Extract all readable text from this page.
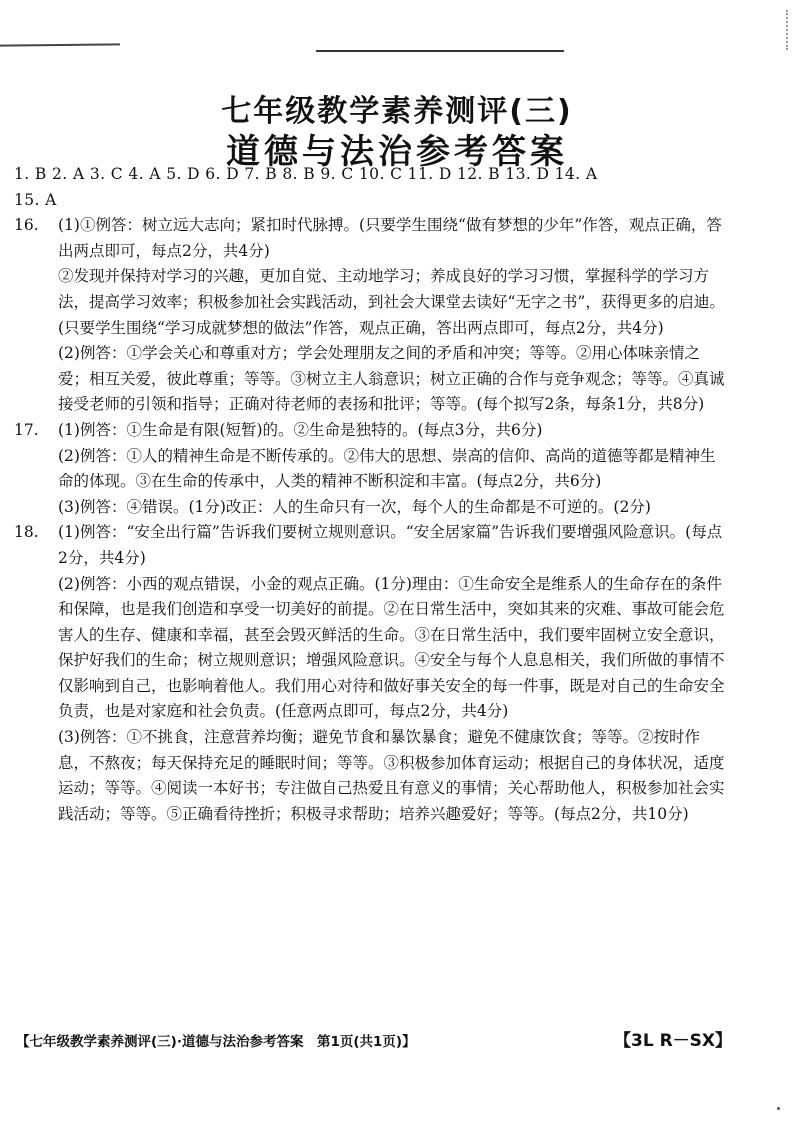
七年级教学素养测评(三)
道德与法治参考答案

1. B 2. A 3. C 4. A 5. D 6. D 7. B 8. B 9. C 10. C 11. D 12. B 13. D 14. A

15. A

16. (1)①例答：树立远大志向；紧扣时代脉搏。(只要学生围绕“做有梦想的少年”作答，观点正确，答出两点即可，每点2分，共4分)

②发现并保持对学习的兴趣，更加自觉、主动地学习；养成良好的学习习惯，掌握科学的学习方法，提高学习效率；积极参加社会实践活动，到社会大课堂去读好“无字之书”，获得更多的启迪。(只要学生围绕“学习成就梦想的做法”作答，观点正确，答出两点即可，每点2分，共4分)

(2)例答：①学会关心和尊重对方；学会处理朋友之间的矛盾和冲突；等等。②用心体味亲情之爱；相互关爱，彼此尊重；等等。③树立主人翁意识；树立正确的合作与竞争观念；等等。④真诚接受老师的引领和指导；正确对待老师的表扬和批评；等等。(每个拟写2条，每条1分，共8分)

17. (1)例答：①生命是有限(短暂)的。②生命是独特的。(每点3分，共6分)

(2)例答：①人的精神生命是不断传承的。②伟大的思想、崇高的信仰、高尚的道德等都是精神生命的体现。③在生命的传承中，人类的精神不断积淀和丰富。(每点2分，共6分)

(3)例答：④错误。(1分)改正：人的生命只有一次，每个人的生命都是不可逆的。(2分)

18. (1)例答：“安全出行篇”告诉我们要树立规则意识。“安全居家篇”告诉我们要增强风险意识。(每点2分，共4分)

(2)例答：小西的观点错误，小金的观点正确。(1分)理由：①生命安全是维系人的生命存在的条件和保障，也是我们创造和享受一切美好的前提。②在日常生活中，突如其来的灾难、事故可能会危害人的生存、健康和幸福，甚至会毁灭鲜活的生命。③在日常生活中，我们要牢固树立安全意识，保护好我们的生命；树立规则意识；增强风险意识。④安全与每个人息息相关，我们所做的事情不仅影响到自己，也影响着他人。我们用心对待和做好事关安全的每一件事，既是对自己的生命安全负责，也是对家庭和社会负责。(任意两点即可，每点2分，共4分)

(3)例答：①不挑食，注意营养均衡；避免节食和暴饮暴食；避免不健康饮食；等等。②按时作息，不熬夜；每天保持充足的睡眠时间；等等。③积极参加体育运动；根据自己的身体状况，适度运动；等等。④阅读一本好书；专注做自己热爱且有意义的事情；关心帮助他人，积极参加社会实践活动；等等。⑤正确看待挫折；积极寻求帮助；培养兴趣爱好；等等。(每点2分，共10分)

【七年级教学素养测评(三)·道德与法治参考答案　第1页(共1页)】	【3L R－SX】
